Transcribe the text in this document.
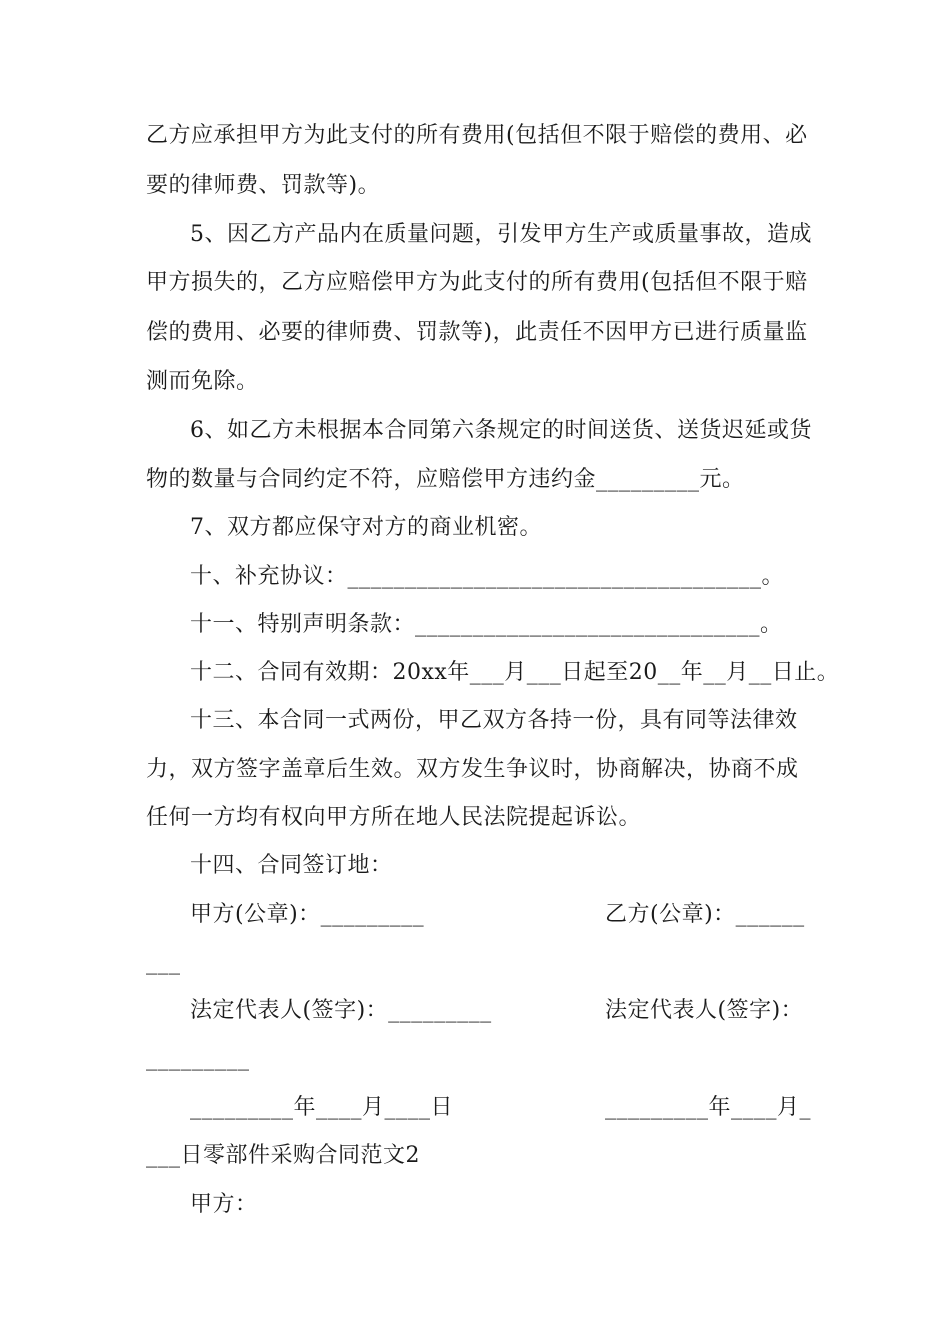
乙方应承担甲方为此支付的所有费用(包括但不限于赔偿的费用、必
要的律师费、罚款等)。
5、因乙方产品内在质量问题，引发甲方生产或质量事故，造成
甲方损失的，乙方应赔偿甲方为此支付的所有费用(包括但不限于赔
偿的费用、必要的律师费、罚款等)，此责任不因甲方已进行质量监
测而免除。
6、如乙方未根据本合同第六条规定的时间送货、送货迟延或货
物的数量与合同约定不符，应赔偿甲方违约金_________元。
7、双方都应保守对方的商业机密。
十、补充协议：____________________________________。
十一、特别声明条款：______________________________。
十二、合同有效期：20xx年___月___日起至20__年__月__日止。
十三、本合同一式两份，甲乙双方各持一份，具有同等法律效
力，双方签字盖章后生效。双方发生争议时，协商解决，协商不成
任何一方均有权向甲方所在地人民法院提起诉讼。
十四、合同签订地：
甲方(公章)：_________	乙方(公章)：______
___
法定代表人(签字)：_________	法定代表人(签字)：
_________
_________年____月____日	_________年____月_
___日零部件采购合同范文2
甲方：
